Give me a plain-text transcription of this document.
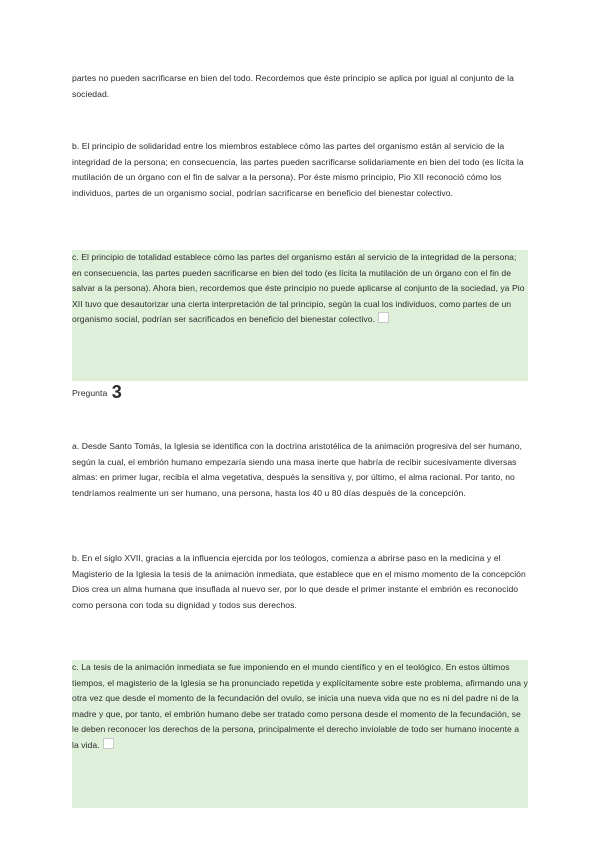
partes no pueden sacrificarse en bien del todo. Recordemos que éste principio se aplica por igual al conjunto de la sociedad.

b. El principio de solidaridad entre los miembros establece cómo las partes del organismo están al servicio de la integridad de la persona; en consecuencia, las partes pueden sacrificarse solidariamente en bien del todo (es lícita la mutilación de un órgano con el fin de salvar a la persona). Por éste mismo principio, Pio XII reconoció cómo los individuos, partes de un organismo social, podrían sacrificarse en beneficio del bienestar colectivo.

c. El principio de totalidad establece cómo las partes del organismo están al servicio de la integridad de la persona; en consecuencia, las partes pueden sacrificarse en bien del todo (es lícita la mutilación de un órgano con el fin de salvar a la persona). Ahora bien, recordemos que éste principio no puede aplicarse al conjunto de la sociedad, ya Pio XII tuvo que desautorizar una cierta interpretación de tal principio, según la cual los individuos, como partes de un organismo social, podrían ser sacrificados en beneficio del bienestar colectivo.

Pregunta 3

a. Desde Santo Tomás, la Iglesia se identifica con la doctrina aristotélica de la animación progresiva del ser humano, según la cual, el embrión humano empezaría siendo una masa inerte que habría de recibir sucesivamente diversas almas: en primer lugar, recibía el alma vegetativa, después la sensitiva y, por último, el alma racional. Por tanto, no tendríamos realmente un ser humano, una persona, hasta los 40 u 80 días después de la concepción.

b. En el siglo XVII, gracias a la influencia ejercida por los teólogos, comienza a abrirse paso en la medicina y el Magisterio de la Iglesia la tesis de la animación inmediata, que establece que en el mismo momento de la concepción Dios crea un alma humana que insuflada al nuevo ser, por lo que desde el primer instante el embrión es reconocido como persona con toda su dignidad y todos sus derechos.

c. La tesis de la animación inmediata se fue imponiendo en el mundo científico y en el teológico. En estos últimos tiempos, el magisterio de la Iglesia se ha pronunciado repetida y explícitamente sobre este problema, afirmando una y otra vez que desde el momento de la fecundación del ovulo, se inicia una nueva vida que no es ni del padre ni de la madre y que, por tanto, el embrión humano debe ser tratado como persona desde el momento de la fecundación, se le deben reconocer los derechos de la persona, principalmente el derecho inviolable de todo ser humano inocente a la vida.
